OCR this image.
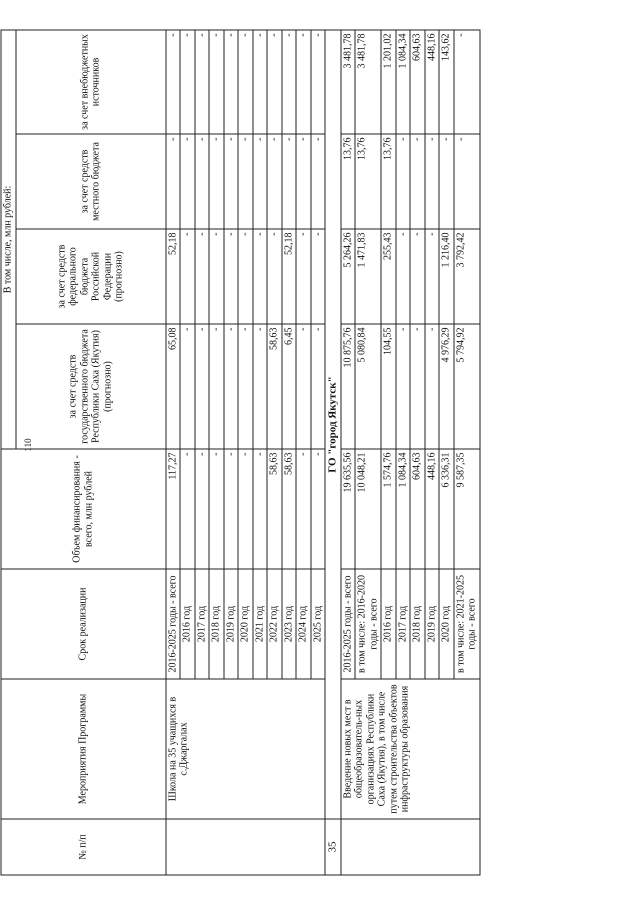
110
№ п/п	Мероприятия Программы	Срок реализации	Объем финансирования - всего, млн рублей	В том числе, млн рублей:			
				за счет средств государственного бюджета Республики Саха (Якутия) (прогнозно)	за счет средств федерального бюджета Российской Федерации (прогнозно)	за счет средств местного бюджета	за счет внебюджетных источников
	Школа на 35 учащихся в с.Джаргалах	2016-2025 годы - всего	117,27	65,08	52,18	-	-
		2016 год	-	-	-	-	-
		2017 год	-	-	-	-	-
		2018 год	-	-	-	-	-
		2019 год	-	-	-	-	-
		2020 год	-	-	-	-	-
		2021 год	-	-	-	-	-
		2022 год	58,63	58,63	-	-	-
		2023 год	58,63	6,45	52,18	-	-
		2024 год	-	-	-	-	-
		2025 год	-	-	-	-	-
35	ГО "город Якутск"						
	Введение новых мест в общеобразователь-ных организациях Республики Саха (Якутия), в том числе путем строительства объектов инфраструктуры образования	2016-2025 годы - всего	19 635,56	10 875,76	5 264,26	13,76	3 481,78
		в том числе: 2016-2020 годы - всего	10 048,21	5 080,84	1 471,83	13,76	3 481,78
		2016 год	1 574,76	104,55	255,43	13,76	1 201,02
		2017 год	1 084,34	-	-	-	1 084,34
		2018 год	604,63	-	-	-	604,63
		2019 год	448,16	-	-	-	448,16
		2020 год	6 336,31	4 976,29	1 216,40	-	143,62
		в том числе: 2021-2025 годы - всего	9 587,35	5 794,92	3 792,42	-	-
